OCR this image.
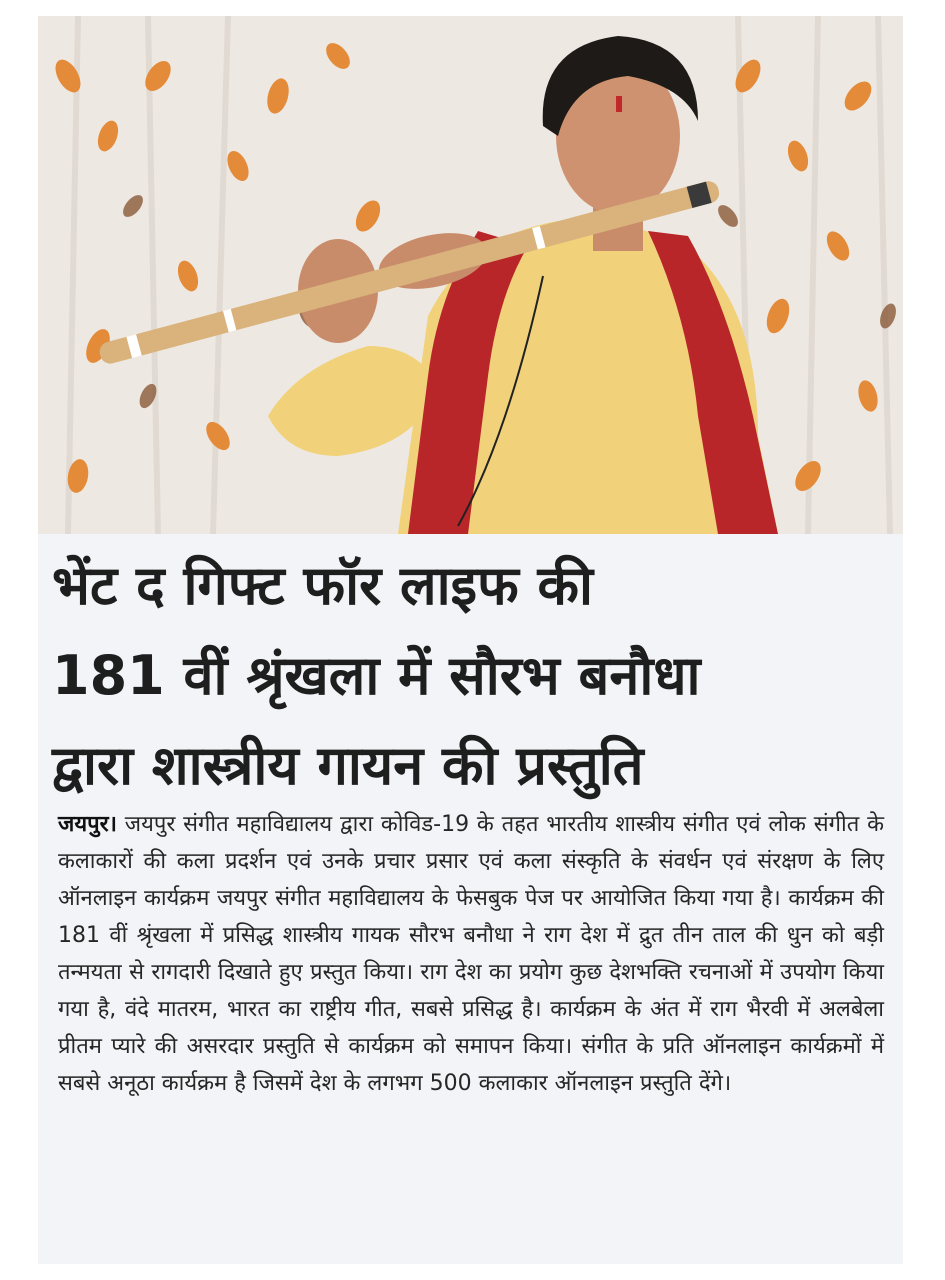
भेंट द गिफ्ट फॉर लाइफ की
181 वीं श्रृंखला में सौरभ बनौधा
द्वारा शास्त्रीय गायन की प्रस्तुति

जयपुर। जयपुर संगीत महाविद्यालय द्वारा कोविड-19 के तहत भारतीय शास्त्रीय संगीत एवं लोक संगीत के कलाकारों की कला प्रदर्शन एवं उनके प्रचार प्रसार एवं कला संस्कृति के संवर्धन एवं संरक्षण के लिए ऑनलाइन कार्यक्रम जयपुर संगीत महाविद्यालय के फेसबुक पेज पर आयोजित किया गया है। कार्यक्रम की 181 वीं श्रृंखला में प्रसिद्ध शास्त्रीय गायक सौरभ बनौधा ने राग देश में द्रुत तीन ताल की धुन को बड़ी तन्मयता से रागदारी दिखाते हुए प्रस्तुत किया। राग देश का प्रयोग कुछ देशभक्ति रचनाओं में उपयोग किया गया है, वंदे मातरम, भारत का राष्ट्रीय गीत, सबसे प्रसिद्ध है। कार्यक्रम के अंत में राग भैरवी में अलबेला प्रीतम प्यारे की असरदार प्रस्तुति से कार्यक्रम को समापन किया। संगीत के प्रति ऑनलाइन कार्यक्रमों में सबसे अनूठा कार्यक्रम है जिसमें देश के लगभग 500 कलाकार ऑनलाइन प्रस्तुति देंगे।
